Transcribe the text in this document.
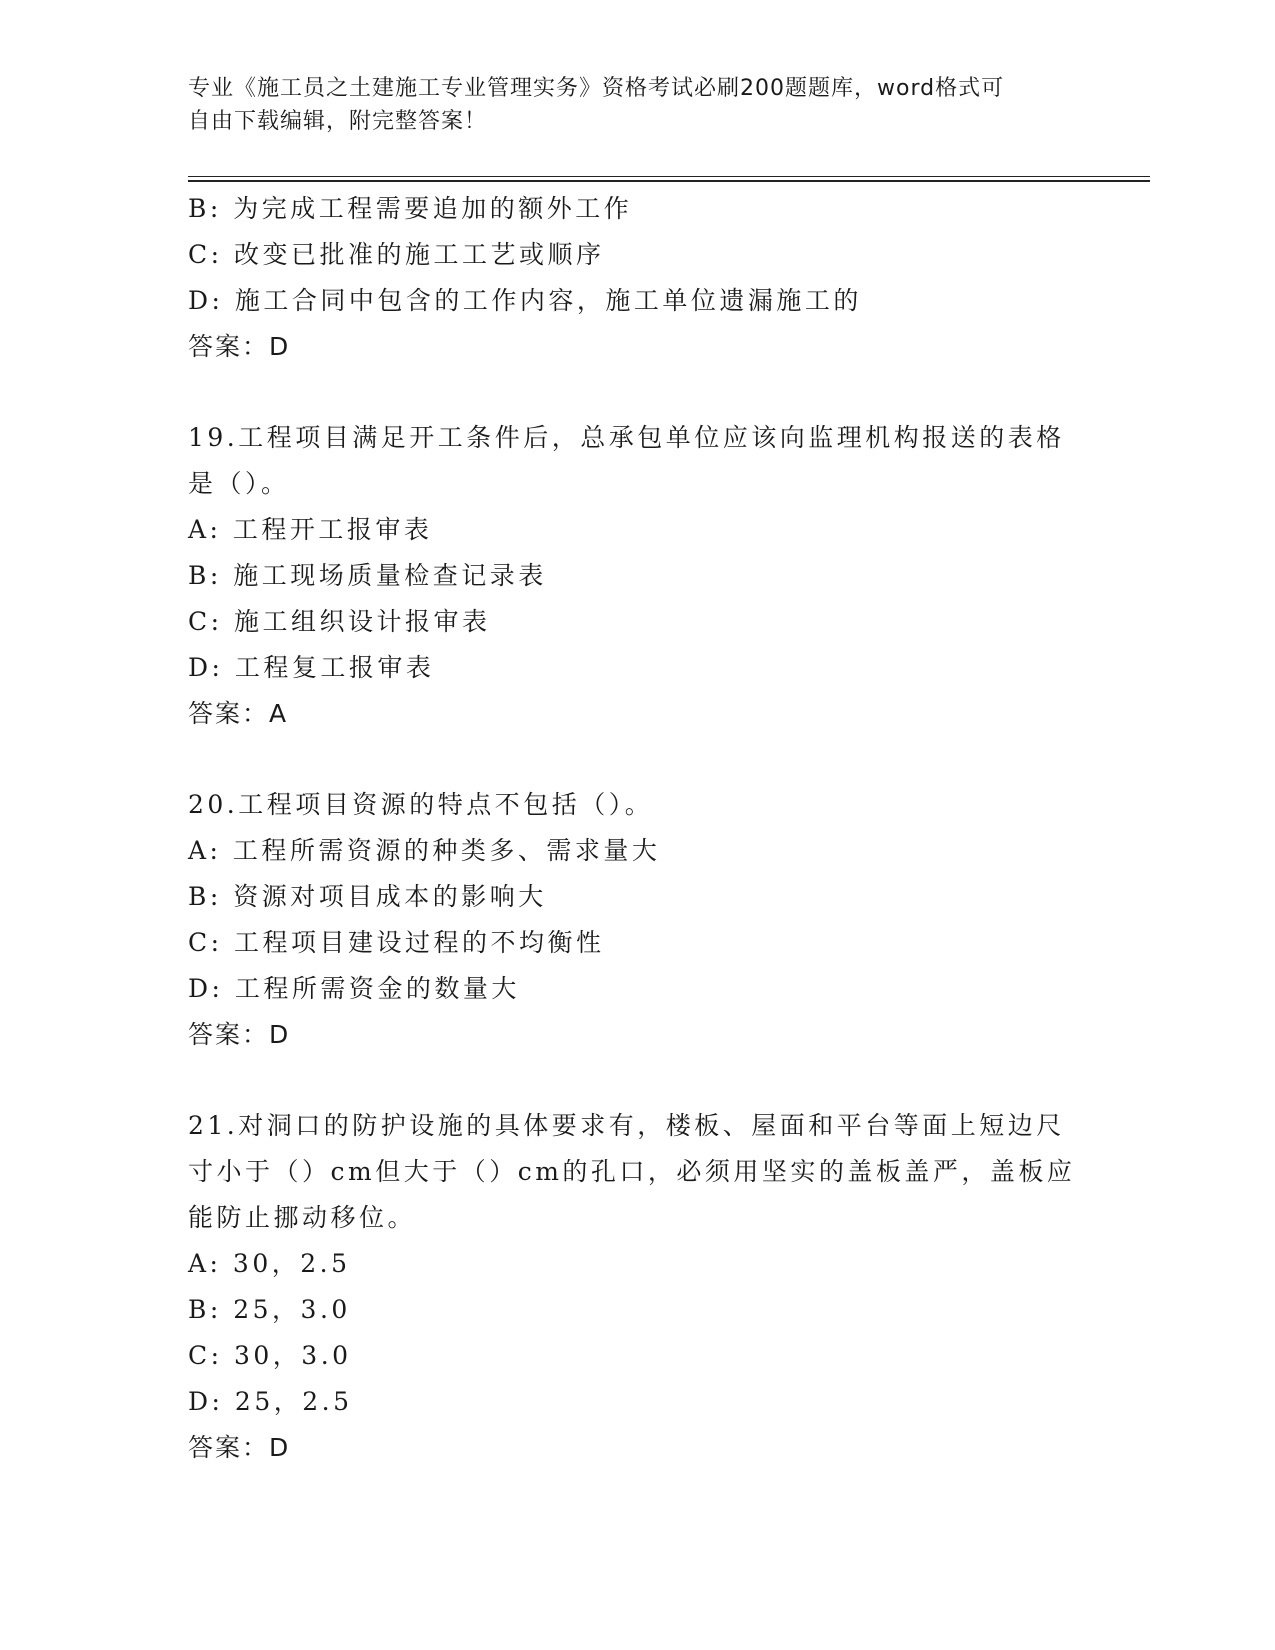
专业《施工员之土建施工专业管理实务》资格考试必刷200题题库，word格式可
自由下载编辑，附完整答案！
B: 为完成工程需要追加的额外工作
C: 改变已批准的施工工艺或顺序
D: 施工合同中包含的工作内容，施工单位遗漏施工的
答案：D
19.工程项目满足开工条件后，总承包单位应该向监理机构报送的表格
是（）。
A: 工程开工报审表
B: 施工现场质量检查记录表
C: 施工组织设计报审表
D: 工程复工报审表
答案：A
20.工程项目资源的特点不包括（）。
A: 工程所需资源的种类多、需求量大
B: 资源对项目成本的影响大
C: 工程项目建设过程的不均衡性
D: 工程所需资金的数量大
答案：D
21.对洞口的防护设施的具体要求有，楼板、屋面和平台等面上短边尺
寸小于（）cm但大于（）cm的孔口，必须用坚实的盖板盖严，盖板应
能防止挪动移位。
A: 30，2.5
B: 25，3.0
C: 30，3.0
D: 25，2.5
答案：D
